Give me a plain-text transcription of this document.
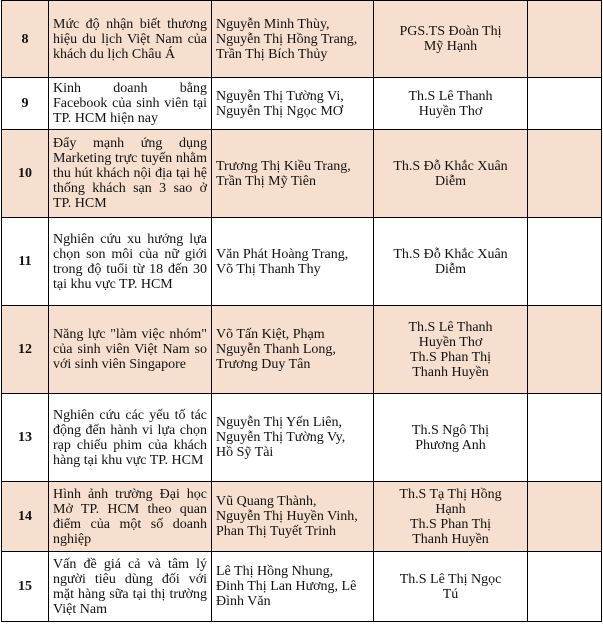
8	Mức độ nhận biết thương hiệu du lịch Việt Nam của khách du lịch Châu Á	Nguyễn Minh Thùy,
Nguyễn Thị Hồng Trang,
Trần Thị Bích Thủy	PGS.TS Đoàn Thị
Mỹ Hạnh	

9	Kinh doanh bằng Facebook của sinh viên tại TP. HCM hiện nay	Nguyễn Thị Tường Vi,
Nguyễn Thị Ngọc MƠ	Th.S Lê Thanh
Huyền Thơ	

10	Đẩy mạnh ứng dụng Marketing trực tuyến nhằm thu hút khách nội địa tại hệ thống khách sạn 3 sao ở TP. HCM	Trương Thị Kiều Trang,
Trần Thị Mỹ Tiên	Th.S Đỗ Khắc Xuân
Diễm	

11	Nghiên cứu xu hướng lựa chọn son môi của nữ giới trong độ tuổi từ 18 đến 30 tại khu vực TP. HCM	Văn Phát Hoàng Trang,
Võ Thị Thanh Thy	Th.S Đỗ Khắc Xuân
Diễm	

12	Năng lực "làm việc nhóm" của sinh viên Việt Nam so với sinh viên Singapore	Võ Tấn Kiệt, Phạm
Nguyễn Thanh Long,
Trương Duy Tân	Th.S Lê Thanh
Huyền Thơ
Th.S Phan Thị
Thanh Huyền	

13	Nghiên cứu các yếu tố tác động đến hành vi lựa chọn rạp chiếu phim của khách hàng tại khu vực TP. HCM	Nguyễn Thị Yến Liên,
Nguyễn Thị Tường Vy,
Hồ Sỹ Tài	Th.S Ngô Thị
Phương Anh	

14	Hình ảnh trường Đại học Mở TP. HCM theo quan điểm của một số doanh nghiệp	Vũ Quang Thành,
Nguyễn Thị Huyền Vinh,
Phan Thị Tuyết Trinh	Th.S Tạ Thị Hồng
Hạnh
Th.S Phan Thị
Thanh Huyền	

15	Vấn đề giá cả và tâm lý người tiêu dùng đối với mặt hàng sữa tại thị trường Việt Nam	Lê Thị Hồng Nhung,
Đinh Thị Lan Hương, Lê
Đình Văn	Th.S Lê Thị Ngọc
Tú	
